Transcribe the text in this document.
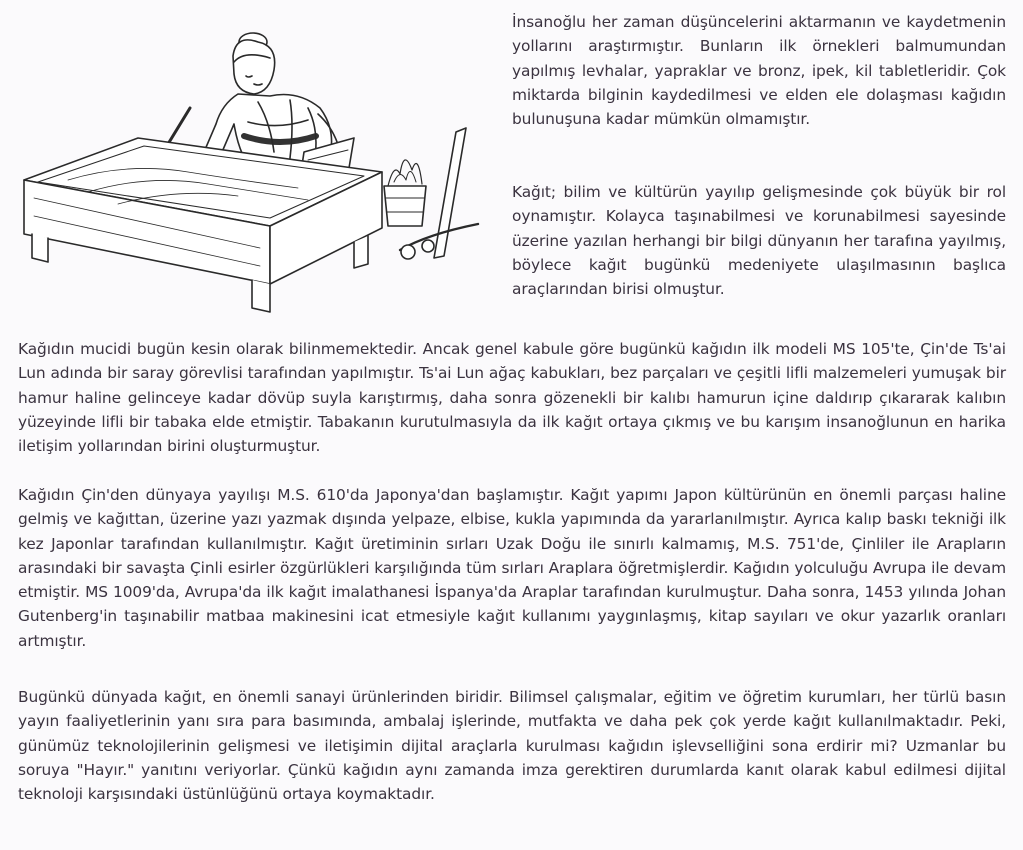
İnsanoğlu her zaman düşüncelerini aktarmanın ve kaydetmenin yollarını araştırmıştır. Bunların ilk örnekleri balmumundan yapılmış levhalar, yapraklar ve bronz, ipek, kil tabletleridir. Çok miktarda bilginin kaydedilmesi ve elden ele dolaşması kağıdın bulunuşuna kadar mümkün olmamıştır.

Kağıt; bilim ve kültürün yayılıp gelişmesinde çok büyük bir rol oynamıştır. Kolayca taşınabilmesi ve korunabilmesi sayesinde üzerine yazılan herhangi bir bilgi dünyanın her tarafına yayılmış, böylece kağıt bugünkü medeniyete ulaşılmasının başlıca araçlarından birisi olmuştur.

Kağıdın mucidi bugün kesin olarak bilinmemektedir. Ancak genel kabule göre bugünkü kağıdın ilk modeli MS 105'te, Çin'de Ts'ai Lun adında bir saray görevlisi tarafından yapılmıştır. Ts'ai Lun ağaç kabukları, bez parçaları ve çeşitli lifli malzemeleri yumuşak bir hamur haline gelinceye kadar dövüp suyla karıştırmış, daha sonra gözenekli bir kalıbı hamurun içine daldırıp çıkararak kalıbın yüzeyinde lifli bir tabaka elde etmiştir. Tabakanın kurutulmasıyla da ilk kağıt ortaya çıkmış ve bu karışım insanoğlunun en harika iletişim yollarından birini oluşturmuştur.

Kağıdın Çin'den dünyaya yayılışı M.S. 610'da Japonya'dan başlamıştır. Kağıt yapımı Japon kültürünün en önemli parçası haline gelmiş ve kağıttan, üzerine yazı yazmak dışında yelpaze, elbise, kukla yapımında da yararlanılmıştır. Ayrıca kalıp baskı tekniği ilk kez Japonlar tarafından kullanılmıştır. Kağıt üretiminin sırları Uzak Doğu ile sınırlı kalmamış, M.S. 751'de, Çinliler ile Arapların arasındaki bir savaşta Çinli esirler özgürlükleri karşılığında tüm sırları Araplara öğretmişlerdir. Kağıdın yolculuğu Avrupa ile devam etmiştir. MS 1009'da, Avrupa'da ilk kağıt imalathanesi İspanya'da Araplar tarafından kurulmuştur. Daha sonra, 1453 yılında Johan Gutenberg'in taşınabilir matbaa makinesini icat etmesiyle kağıt kullanımı yaygınlaşmış, kitap sayıları ve okur yazarlık oranları artmıştır.

Bugünkü dünyada kağıt, en önemli sanayi ürünlerinden biridir. Bilimsel çalışmalar, eğitim ve öğretim kurumları, her türlü basın yayın faaliyetlerinin yanı sıra para basımında, ambalaj işlerinde, mutfakta ve daha pek çok yerde kağıt kullanılmaktadır. Peki, günümüz teknolojilerinin gelişmesi ve iletişimin dijital araçlarla kurulması kağıdın işlevselliğini sona erdirir mi? Uzmanlar bu soruya "Hayır." yanıtını veriyorlar. Çünkü kağıdın aynı zamanda imza gerektiren durumlarda kanıt olarak kabul edilmesi dijital teknoloji karşısındaki üstünlüğünü ortaya koymaktadır.
